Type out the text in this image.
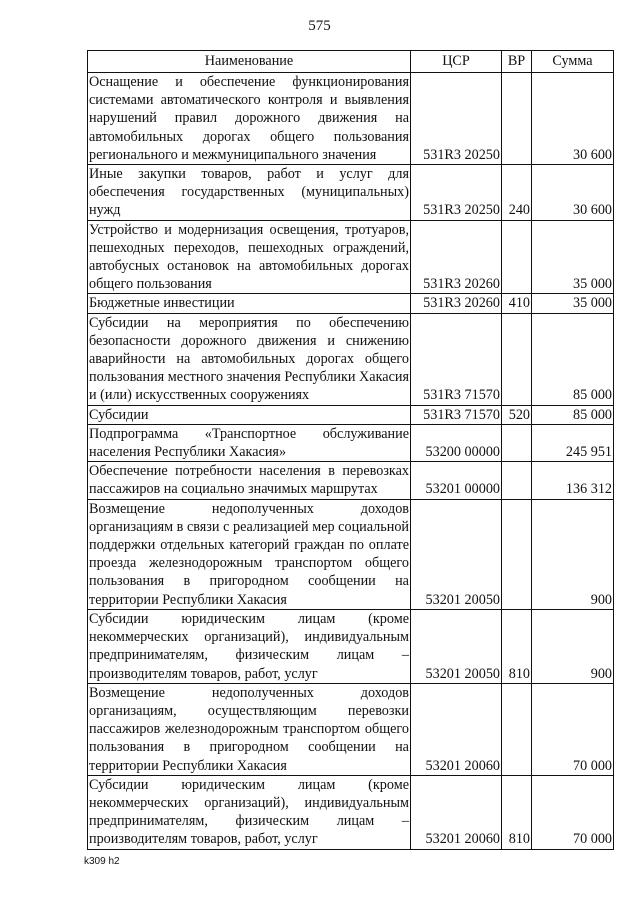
575
Наименование	ЦСР	ВР	Сумма
Оснащение и обеспечение функционирования системами автоматического контроля и выявления нарушений правил дорожного движения на автомобильных дорогах общего пользования регионального и межмуниципального значения	531R3 20250		30 600
Иные закупки товаров, работ и услуг для обеспечения государственных (муниципальных) нужд	531R3 20250	240	30 600
Устройство и модернизация освещения, тротуаров, пешеходных переходов, пешеходных ограждений, автобусных остановок на автомобильных дорогах общего пользования	531R3 20260		35 000
Бюджетные инвестиции	531R3 20260	410	35 000
Субсидии на мероприятия по обеспечению безопасности дорожного движения и снижению аварийности на автомобильных дорогах общего пользования местного значения Республики Хакасия и (или) искусственных сооружениях	531R3 71570		85 000
Субсидии	531R3 71570	520	85 000
Подпрограмма «Транспортное обслуживание населения Республики Хакасия»	53200 00000		245 951
Обеспечение потребности населения в перевозках пассажиров на социально значимых маршрутах	53201 00000		136 312
Возмещение недополученных доходов организациям в связи с реализацией мер социальной поддержки отдельных категорий граждан по оплате проезда железнодорожным транспортом общего пользования в пригородном сообщении на территории Республики Хакасия	53201 20050		900
Субсидии юридическим лицам (кроме некоммерческих организаций), индивидуальным предпринимателям, физическим лицам – производителям товаров, работ, услуг	53201 20050	810	900
Возмещение недополученных доходов организациям, осуществляющим перевозки пассажиров железнодорожным транспортом общего пользования в пригородном сообщении на территории Республики Хакасия	53201 20060		70 000
Субсидии юридическим лицам (кроме некоммерческих организаций), индивидуальным предпринимателям, физическим лицам – производителям товаров, работ, услуг	53201 20060	810	70 000
k309 h2
